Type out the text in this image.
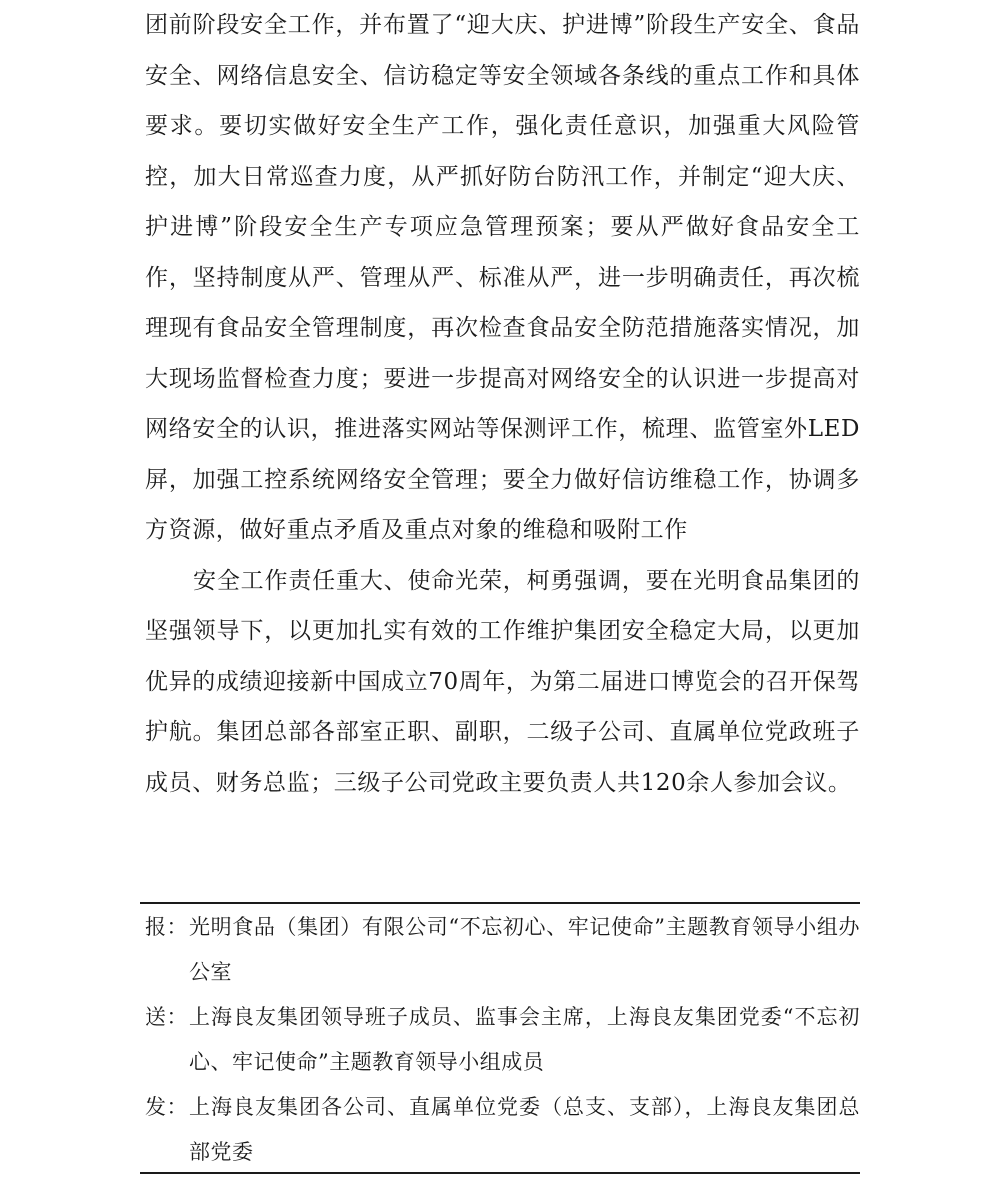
团前阶段安全工作，并布置了“迎大庆、护进博”阶段生产安全、食品安全、网络信息安全、信访稳定等安全领域各条线的重点工作和具体要求。要切实做好安全生产工作，强化责任意识，加强重大风险管控，加大日常巡查力度，从严抓好防台防汛工作，并制定“迎大庆、护进博”阶段安全生产专项应急管理预案；要从严做好食品安全工作，坚持制度从严、管理从严、标准从严，进一步明确责任，再次梳理现有食品安全管理制度，再次检查食品安全防范措施落实情况，加大现场监督检查力度；要进一步提高对网络安全的认识进一步提高对网络安全的认识，推进落实网站等保测评工作，梳理、监管室外LED屏，加强工控系统网络安全管理；要全力做好信访维稳工作，协调多方资源，做好重点矛盾及重点对象的维稳和吸附工作

安全工作责任重大、使命光荣，柯勇强调，要在光明食品集团的坚强领导下，以更加扎实有效的工作维护集团安全稳定大局，以更加优异的成绩迎接新中国成立70周年，为第二届进口博览会的召开保驾护航。集团总部各部室正职、副职，二级子公司、直属单位党政班子成员、财务总监；三级子公司党政主要负责人共120余人参加会议。

报： 光明食品（集团）有限公司“不忘初心、牢记使命”主题教育领导小组办公室

送： 上海良友集团领导班子成员、监事会主席，上海良友集团党委“不忘初心、牢记使命”主题教育领导小组成员

发： 上海良友集团各公司、直属单位党委（总支、支部），上海良友集团总部党委
